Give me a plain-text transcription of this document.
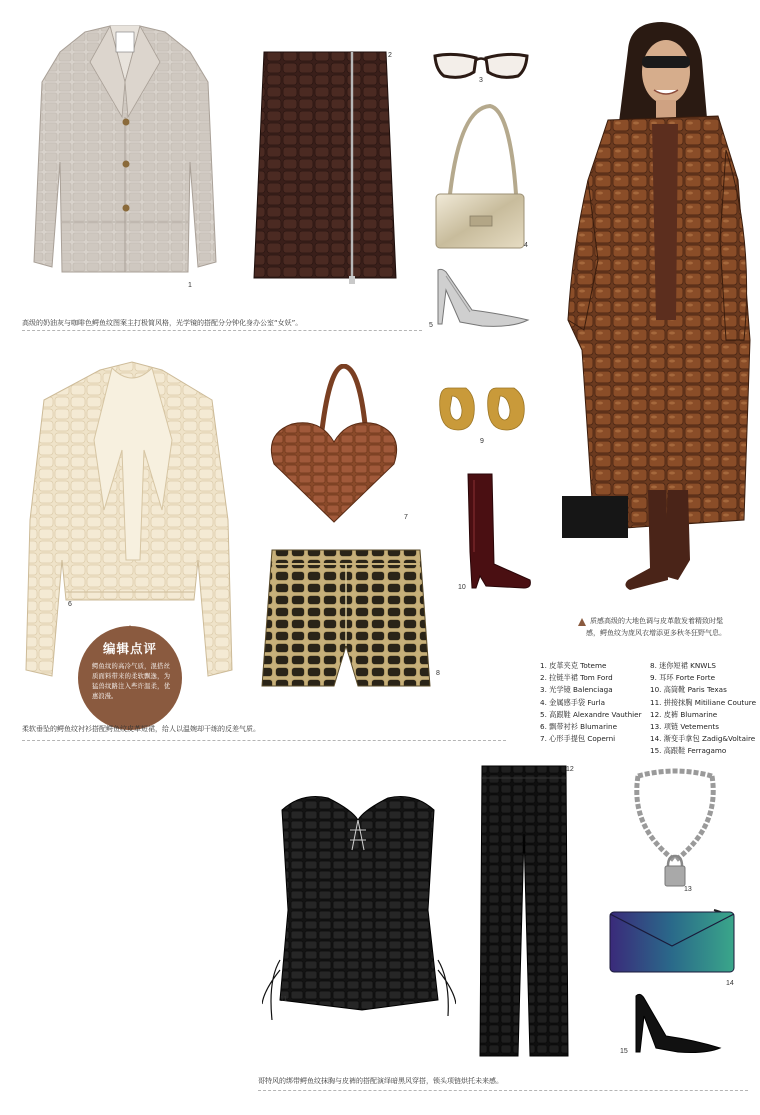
1
2
3
4
5
高级的奶油灰与咖啡色鳄鱼纹图案主打极简风格，光学镜的搭配分分钟化身办公室“女妖”。
6
编辑点评
鳄鱼纹的高冷气质，混搭丝质面料带来的柔软飘逸，为猛兽纹路注入些许温柔，优惠浪漫。
7
8
9
10
质感高级的大地色调与皮革散发着精致时髦
感，鳄鱼纹为庞风衣增添更多秋冬狂野气息。
1. 皮革夹克 Toteme
2. 拉链半裙 Tom Ford
3. 光学镜 Balenciaga
4. 金属感手袋 Furla
5. 高跟鞋 Alexandre Vauthier
6. 飘带衬衫 Blumarine
7. 心形手提包 Coperni
8. 迷你短裙 KNWLS
9. 耳环 Forte Forte
10. 高筒靴 Paris Texas
11. 拼接抹胸 Mitiliane Couture
12. 皮裤 Blumarine
13. 项链 Vetements
14. 渐变手拿包 Zadig&Voltaire
15. 高跟鞋 Ferragamo
柔软垂坠的鳄鱼纹衬衫搭配鳄鱼纹皮革短裙，给人以温婉却干练的反差气质。
11
12
13
14
15
哥特风的绑带鳄鱼纹抹胸与皮裤的搭配演绎暗黑风穿搭，锁头项链烘托未来感。
